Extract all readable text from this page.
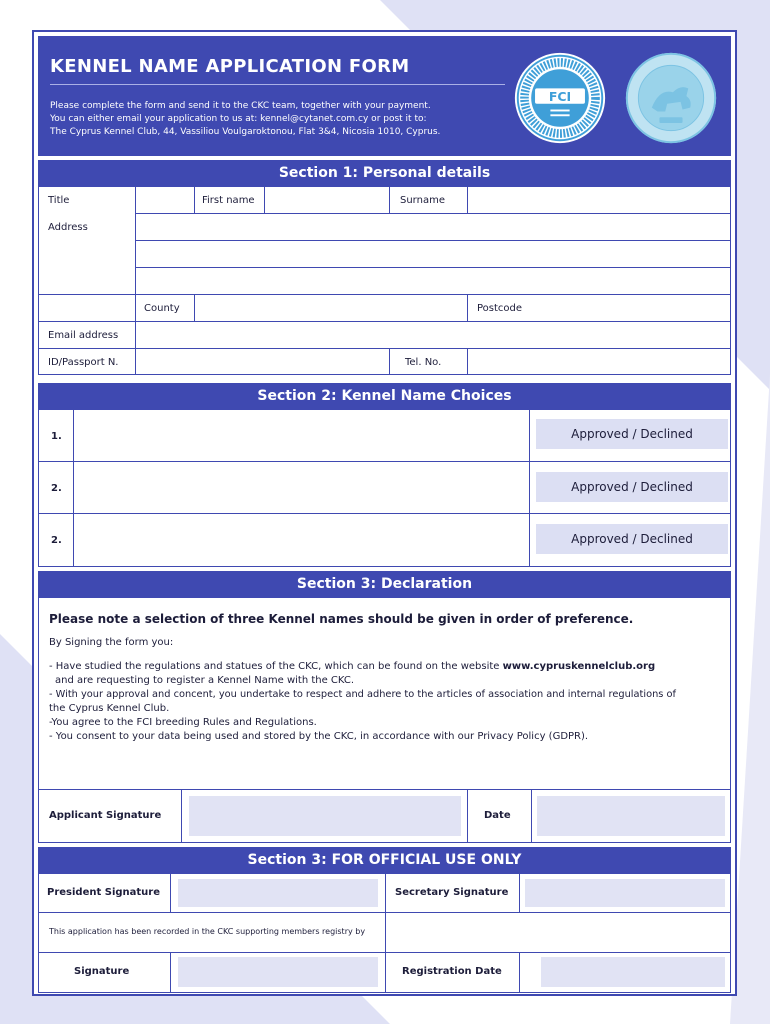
KENNEL NAME APPLICATION FORM
Please complete the form and send it to the CKC team, together with your payment.
You can either email your application to us at: kennel@cytanet.com.cy or post it to:
The Cyprus Kennel Club, 44, Vassiliou Voulgaroktonou, Flat 3&4, Nicosia 1010, Cyprus.
FCI
Section 1: Personal details
Title	First name	Surname
Address
County	Postcode
Email address
ID/Passport N.	Tel. No.
Section 2: Kennel Name Choices
1.	Approved / Declined
2.	Approved / Declined
2.	Approved / Declined
Section 3: Declaration
Please note a selection of three Kennel names should be given in order of preference.
By Signing the form you:
- Have studied the regulations and statues of the CKC, which can be found on the website www.cypruskennelclub.org
and are requesting to register a Kennel Name with the CKC.
- With your approval and concent, you undertake to respect and adhere to the articles of association and internal regulations of
the Cyprus Kennel Club.
-You agree to the FCI breeding Rules and Regulations.
- You consent to your data being used and stored by the CKC, in accordance with our Privacy Policy (GDPR).
Applicant Signature	Date
Section 3: FOR OFFICIAL USE ONLY
President Signature	Secretary Signature
This application has been recorded in the CKC supporting members registry by
Signature	Registration Date
